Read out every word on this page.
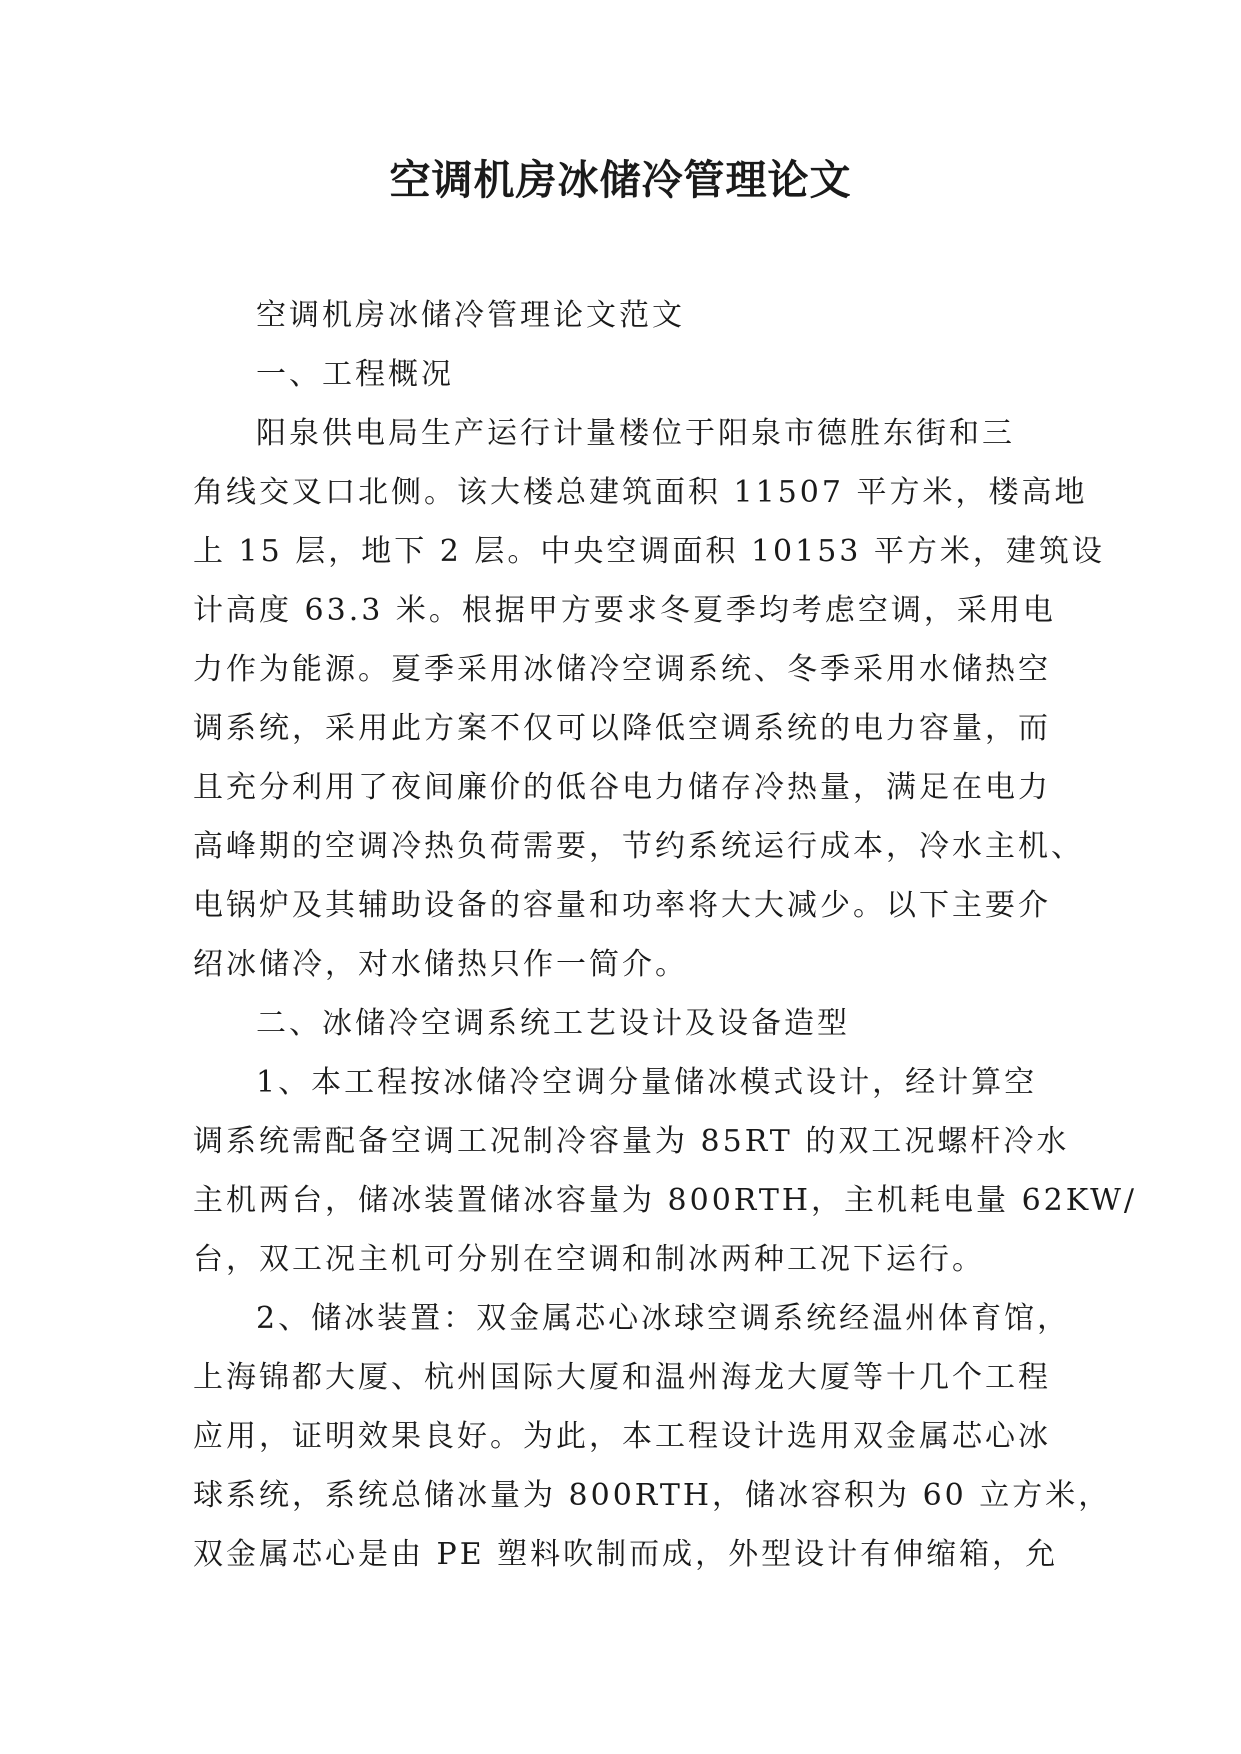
空调机房冰储冷管理论文

空调机房冰储冷管理论文范文

一、工程概况

阳泉供电局生产运行计量楼位于阳泉市德胜东街和三

角线交叉口北侧。该大楼总建筑面积 11507 平方米，楼高地

上 15 层，地下 2 层。中央空调面积 10153 平方米，建筑设

计高度 63.3 米。根据甲方要求冬夏季均考虑空调，采用电

力作为能源。夏季采用冰储冷空调系统、冬季采用水储热空

调系统，采用此方案不仅可以降低空调系统的电力容量，而

且充分利用了夜间廉价的低谷电力储存冷热量，满足在电力

高峰期的空调冷热负荷需要，节约系统运行成本，冷水主机、

电锅炉及其辅助设备的容量和功率将大大减少。以下主要介

绍冰储冷，对水储热只作一简介。

二、冰储冷空调系统工艺设计及设备造型

1、本工程按冰储冷空调分量储冰模式设计，经计算空

调系统需配备空调工况制冷容量为 85RT 的双工况螺杆冷水

主机两台，储冰装置储冰容量为 800RTH，主机耗电量 62KW/

台，双工况主机可分别在空调和制冰两种工况下运行。

2、储冰装置：双金属芯心冰球空调系统经温州体育馆，

上海锦都大厦、杭州国际大厦和温州海龙大厦等十几个工程

应用，证明效果良好。为此，本工程设计选用双金属芯心冰

球系统，系统总储冰量为 800RTH，储冰容积为 60 立方米，

双金属芯心是由 PE 塑料吹制而成，外型设计有伸缩箱，允
